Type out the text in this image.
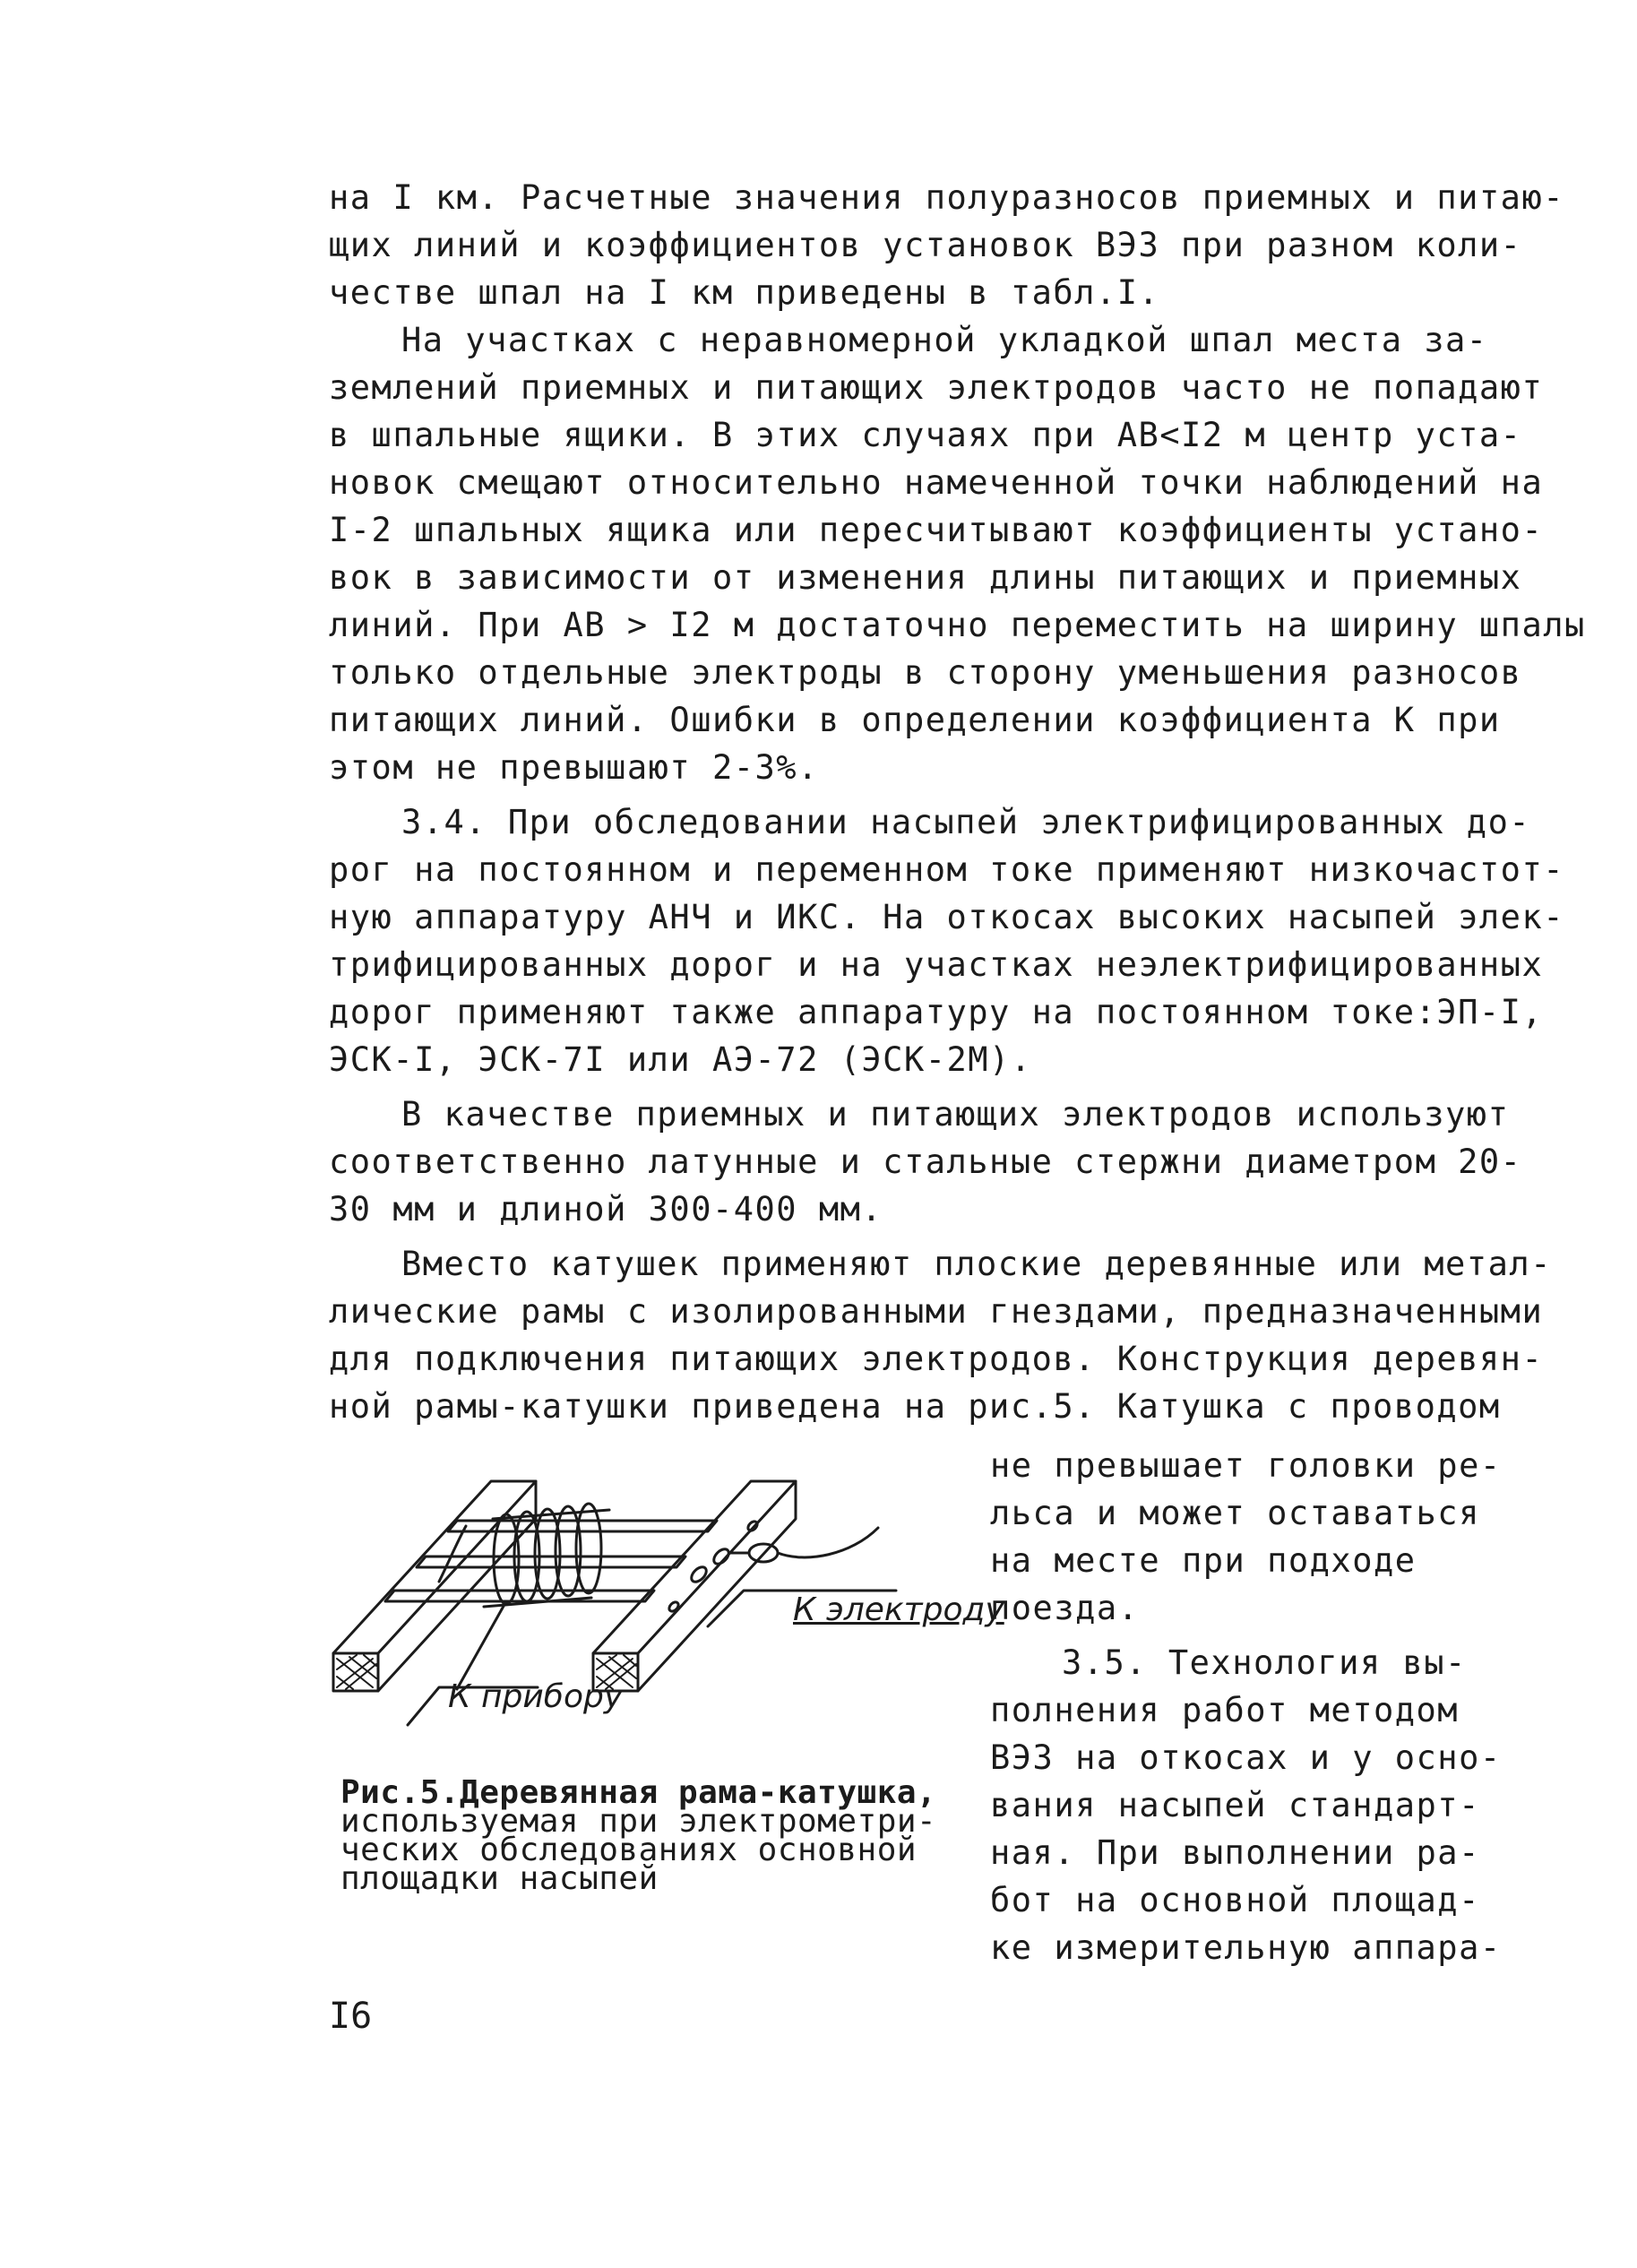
на I км. Расчетные значения полуразносов приемных и питаю-
щих линий и коэффициентов установок ВЭЗ при разном коли-
честве шпал на I км приведены в табл.I.
На участках с неравномерной укладкой шпал места за-
землений приемных и питающих электродов часто не попадают
в шпальные ящики. В этих случаях при АВ<I2 м центр уста-
новок смещают относительно намеченной точки наблюдений на
I-2 шпальных ящика или пересчитывают коэффициенты устано-
вок в зависимости от изменения длины питающих и приемных
линий. При АВ > I2 м достаточно переместить на ширину шпалы
только отдельные электроды в сторону уменьшения разносов
питающих линий. Ошибки в определении коэффициента К при
этом не превышают 2-3%.
3.4. При обследовании насыпей электрифицированных до-
рог на постоянном и переменном токе применяют низкочастот-
ную аппаратуру АНЧ и ИКС. На откосах высоких насыпей элек-
трифицированных дорог и на участках неэлектрифицированных
дорог применяют также аппаратуру на постоянном токе:ЭП-I,
ЭСК-I, ЭСК-7I или АЭ-72 (ЭСК-2М).
В качестве приемных и питающих электродов используют
соответственно латунные и стальные стержни диаметром 20-
30 мм и длиной 300-400 мм.
Вместо катушек применяют плоские деревянные или метал-
лические рамы с изолированными гнездами, предназначенными
для подключения питающих электродов. Конструкция деревян-
ной рамы-катушки приведена на рис.5. Катушка с проводом
не превышает головки ре-
льса и может оставаться
на месте при подходе
поезда.
3.5. Технология вы-
полнения работ методом
ВЭЗ на откосах и у осно-
вания насыпей стандарт-
ная. При выполнении ра-
бот на основной площад-
ке измерительную аппара-
К электроду
К прибору
Рис.5.Деревянная рама-катушка,
используемая при электрометри-
ческих обследованиях основной
площадки насыпей
I6
